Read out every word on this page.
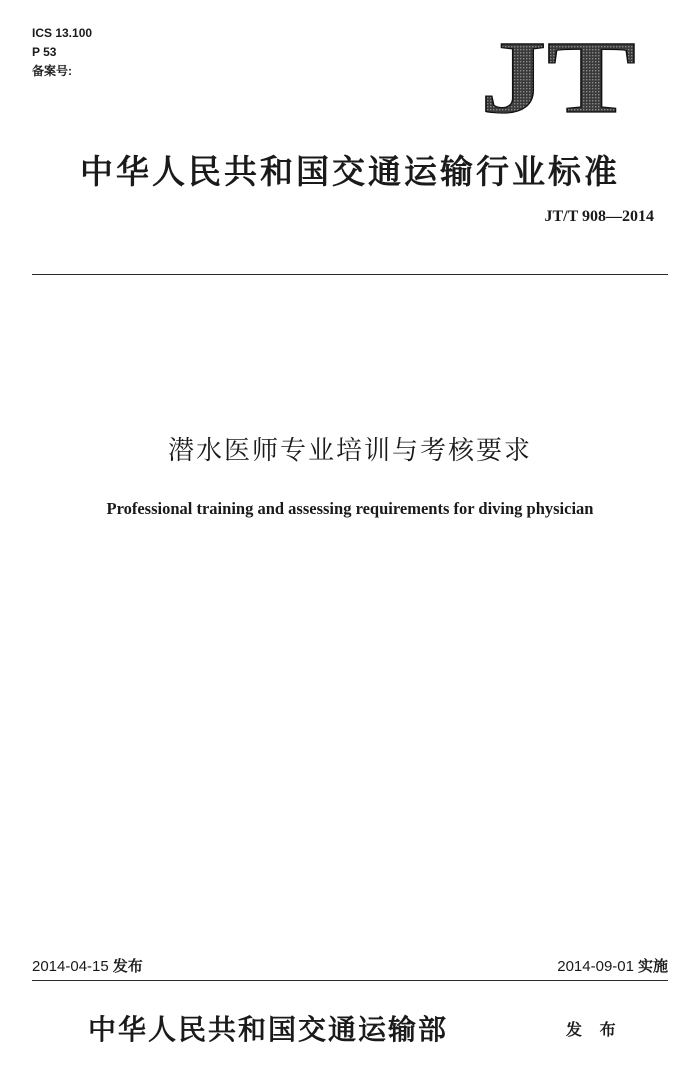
ICS 13.100
P 53
备案号:	JT
中华人民共和国交通运输行业标准
JT/T 908—2014
潜水医师专业培训与考核要求
Professional training and assessing requirements for diving physician
2014-04-15 发布	2014-09-01 实施
中华人民共和国交通运输部	发 布
